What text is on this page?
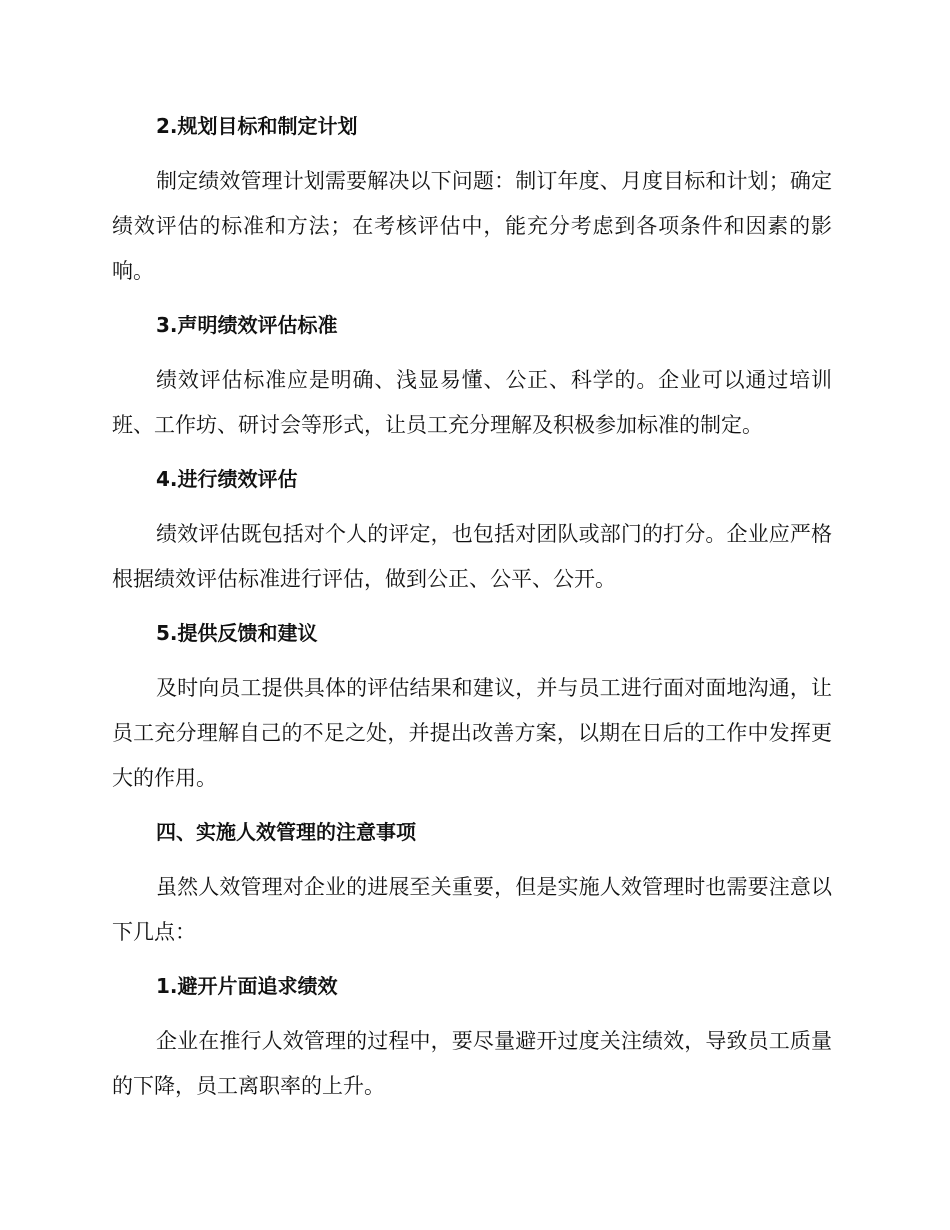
2.规划目标和制定计划

制定绩效管理计划需要解决以下问题：制订年度、月度目标和计划；确定绩效评估的标准和方法；在考核评估中，能充分考虑到各项条件和因素的影响。

3.声明绩效评估标准

绩效评估标准应是明确、浅显易懂、公正、科学的。企业可以通过培训班、工作坊、研讨会等形式，让员工充分理解及积极参加标准的制定。

4.进行绩效评估

绩效评估既包括对个人的评定，也包括对团队或部门的打分。企业应严格根据绩效评估标准进行评估，做到公正、公平、公开。

5.提供反馈和建议

及时向员工提供具体的评估结果和建议，并与员工进行面对面地沟通，让员工充分理解自己的不足之处，并提出改善方案，以期在日后的工作中发挥更大的作用。

四、实施人效管理的注意事项

虽然人效管理对企业的进展至关重要，但是实施人效管理时也需要注意以下几点：

1.避开片面追求绩效

企业在推行人效管理的过程中，要尽量避开过度关注绩效，导致员工质量的下降，员工离职率的上升。
